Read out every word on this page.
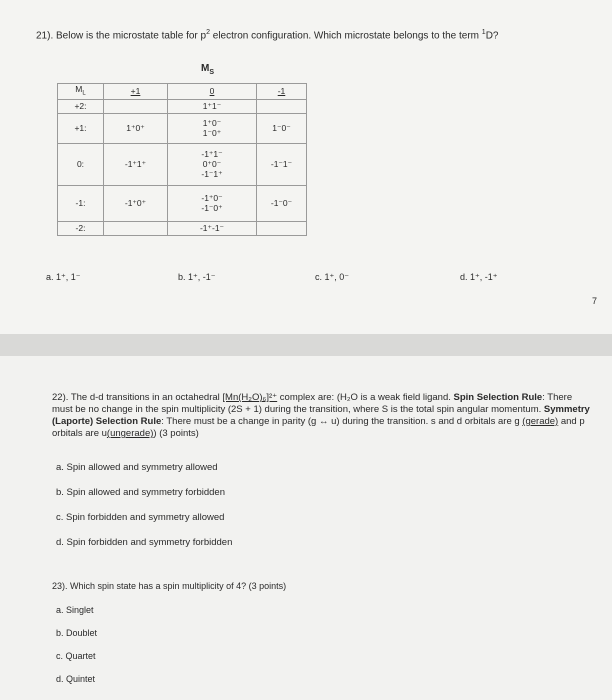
21). Below is the microstate table for $p^2$ electron configuration. Which microstate belongs to the term $^1$D?
$M_S$
$M_L$	+1	0	-1
+2:		1⁺1⁻	

+1:	1⁺0⁺	1⁺0⁻
1⁻0⁺	1⁻0⁻

0:	-1⁺1⁺	-1⁺1⁻
0⁺0⁻
-1⁻1⁺	-1⁻1⁻

-1:	-1⁺0⁺	-1⁺0⁻
-1⁻0⁺	-1⁻0⁻

-2:		-1⁺-1⁻	

a. 1⁺, 1⁻	b. 1⁺, -1⁻	c. 1⁺, 0⁻	d. 1⁺, -1⁺
7
22). The d-d transitions in an octahedral [Mn(H₂O)₆]²⁺ complex are: (H₂O is a weak field ligand. Spin Selection Rule: There must be no change in the spin multiplicity (2S + 1) during the transition, where S is the total spin angular momentum. Symmetry (Laporte) Selection Rule: There must be a change in parity (g ↔ u) during the transition. s and d orbitals are g (gerade) and p orbitals are u(ungerade)) (3 points)
a. Spin allowed and symmetry allowed
b. Spin allowed and symmetry forbidden
c. Spin forbidden and symmetry allowed
d. Spin forbidden and symmetry forbidden
23). Which spin state has a spin multiplicity of 4? (3 points)
a. Singlet
b. Doublet
c. Quartet
d. Quintet
